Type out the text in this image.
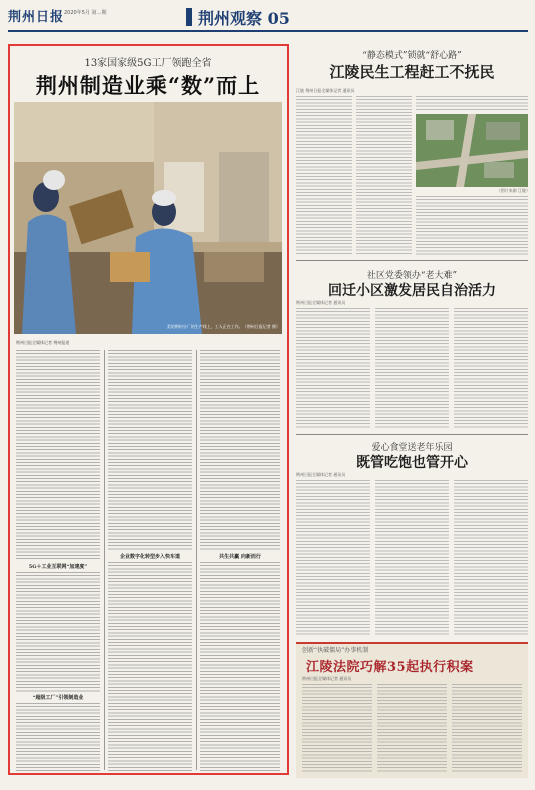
荆州日报 2020年5月 第…期	荆州观察 05
13家国家级5G工厂领跑全省
荆州制造业乘“数”而上
美的荆州分厂的生产线上，工人正在工作。（荆州日报记者 摄）
荆州日报全媒体记者 荆州报道
5G＋工业互联网“加速度”
“超级工厂”引领制造业
企业数字化转型步入快车道	共生共赢 向新而行
“静态模式”锁就“舒心路”
江陵民生工程赶工不抚民
江陵 荆州日报全媒体记者 通讯员
（图片来源 江陵）
社区党委领办“老大难”
回迁小区激发居民自治活力
荆州日报全媒体记者 通讯员
爱心食堂送老年乐园
既管吃饱也管开心
荆州日报全媒体记者 通讯员
创新“执破僵局”办事机制
江陵法院巧解35起执行积案
荆州日报全媒体记者 通讯员
